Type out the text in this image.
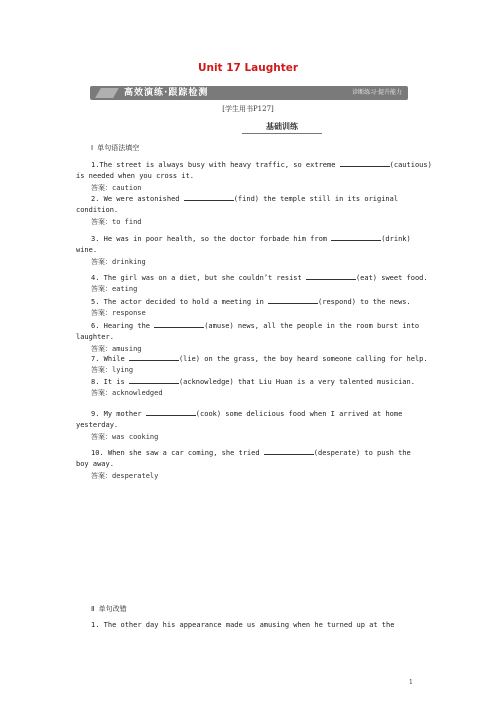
Unit 17 Laughter
高效演练·跟踪检测	诊断练习·提升能力
[学生用书P127]
基础训练
Ⅰ 单句语法填空
1.The street is always busy with heavy traffic, so extreme	(cautious)
is needed when you cross it.
答案：caution
2. We were astonished	(find) the temple still in its original
condition.
答案：to find
3. He was in poor health, so the doctor forbade him from	(drink)
wine.
答案：drinking
4. The girl was on a diet, but she couldn’t resist	(eat) sweet food.
答案：eating
5. The actor decided to hold a meeting in	(respond) to the news.
答案：response
6. Hearing the	(amuse) news, all the people in the room burst into
laughter.
答案：amusing
7. While	(lie) on the grass, the boy heard someone calling for help.
答案：lying
8. It is	(acknowledge) that Liu Huan is a very talented musician.
答案：acknowledged
9. My mother	(cook) some delicious food when I arrived at home
yesterday.
答案：was cooking
10. When she saw a car coming, she tried	(desperate) to push the
boy away.
答案：desperately
Ⅱ 单句改错
1. The other day his appearance made us amusing when he turned up at the
1
